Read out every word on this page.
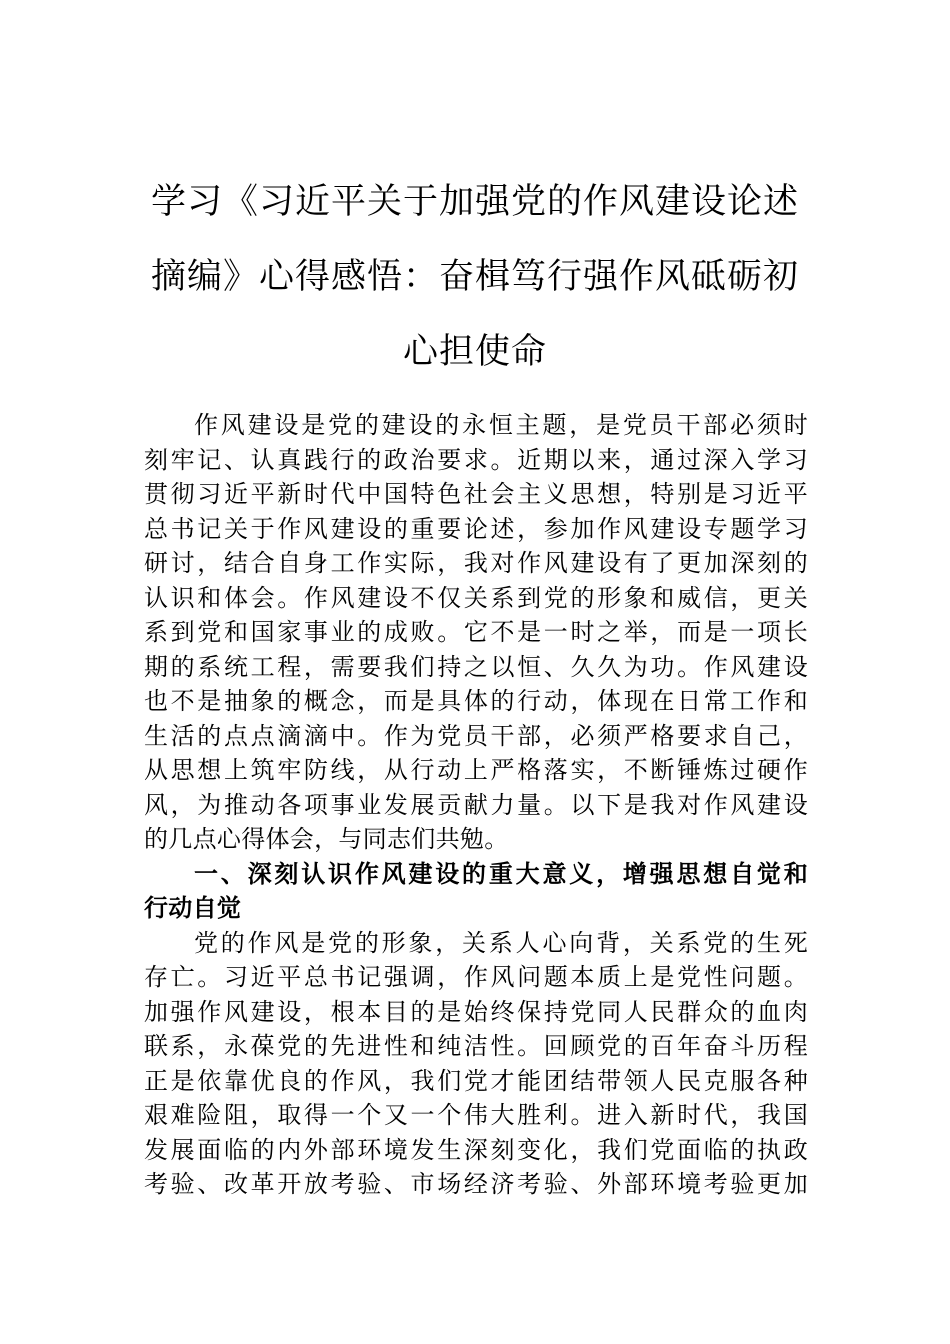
学习《习近平关于加强党的作风建设论述
摘编》心得感悟：奋楫笃行强作风砥砺初
心担使命
作风建设是党的建设的永恒主题，是党员干部必须时
刻牢记、认真践行的政治要求。近期以来，通过深入学习
贯彻习近平新时代中国特色社会主义思想，特别是习近平
总书记关于作风建设的重要论述，参加作风建设专题学习
研讨，结合自身工作实际，我对作风建设有了更加深刻的
认识和体会。作风建设不仅关系到党的形象和威信，更关
系到党和国家事业的成败。它不是一时之举，而是一项长
期的系统工程，需要我们持之以恒、久久为功。作风建设
也不是抽象的概念，而是具体的行动，体现在日常工作和
生活的点点滴滴中。作为党员干部，必须严格要求自己，
从思想上筑牢防线，从行动上严格落实，不断锤炼过硬作
风，为推动各项事业发展贡献力量。以下是我对作风建设
的几点心得体会，与同志们共勉。
一、深刻认识作风建设的重大意义，增强思想自觉和
行动自觉
党的作风是党的形象，关系人心向背，关系党的生死
存亡。习近平总书记强调，作风问题本质上是党性问题。
加强作风建设，根本目的是始终保持党同人民群众的血肉
联系，永葆党的先进性和纯洁性。回顾党的百年奋斗历程
正是依靠优良的作风，我们党才能团结带领人民克服各种
艰难险阻，取得一个又一个伟大胜利。进入新时代，我国
发展面临的内外部环境发生深刻变化，我们党面临的执政
考验、改革开放考验、市场经济考验、外部环境考验更加
